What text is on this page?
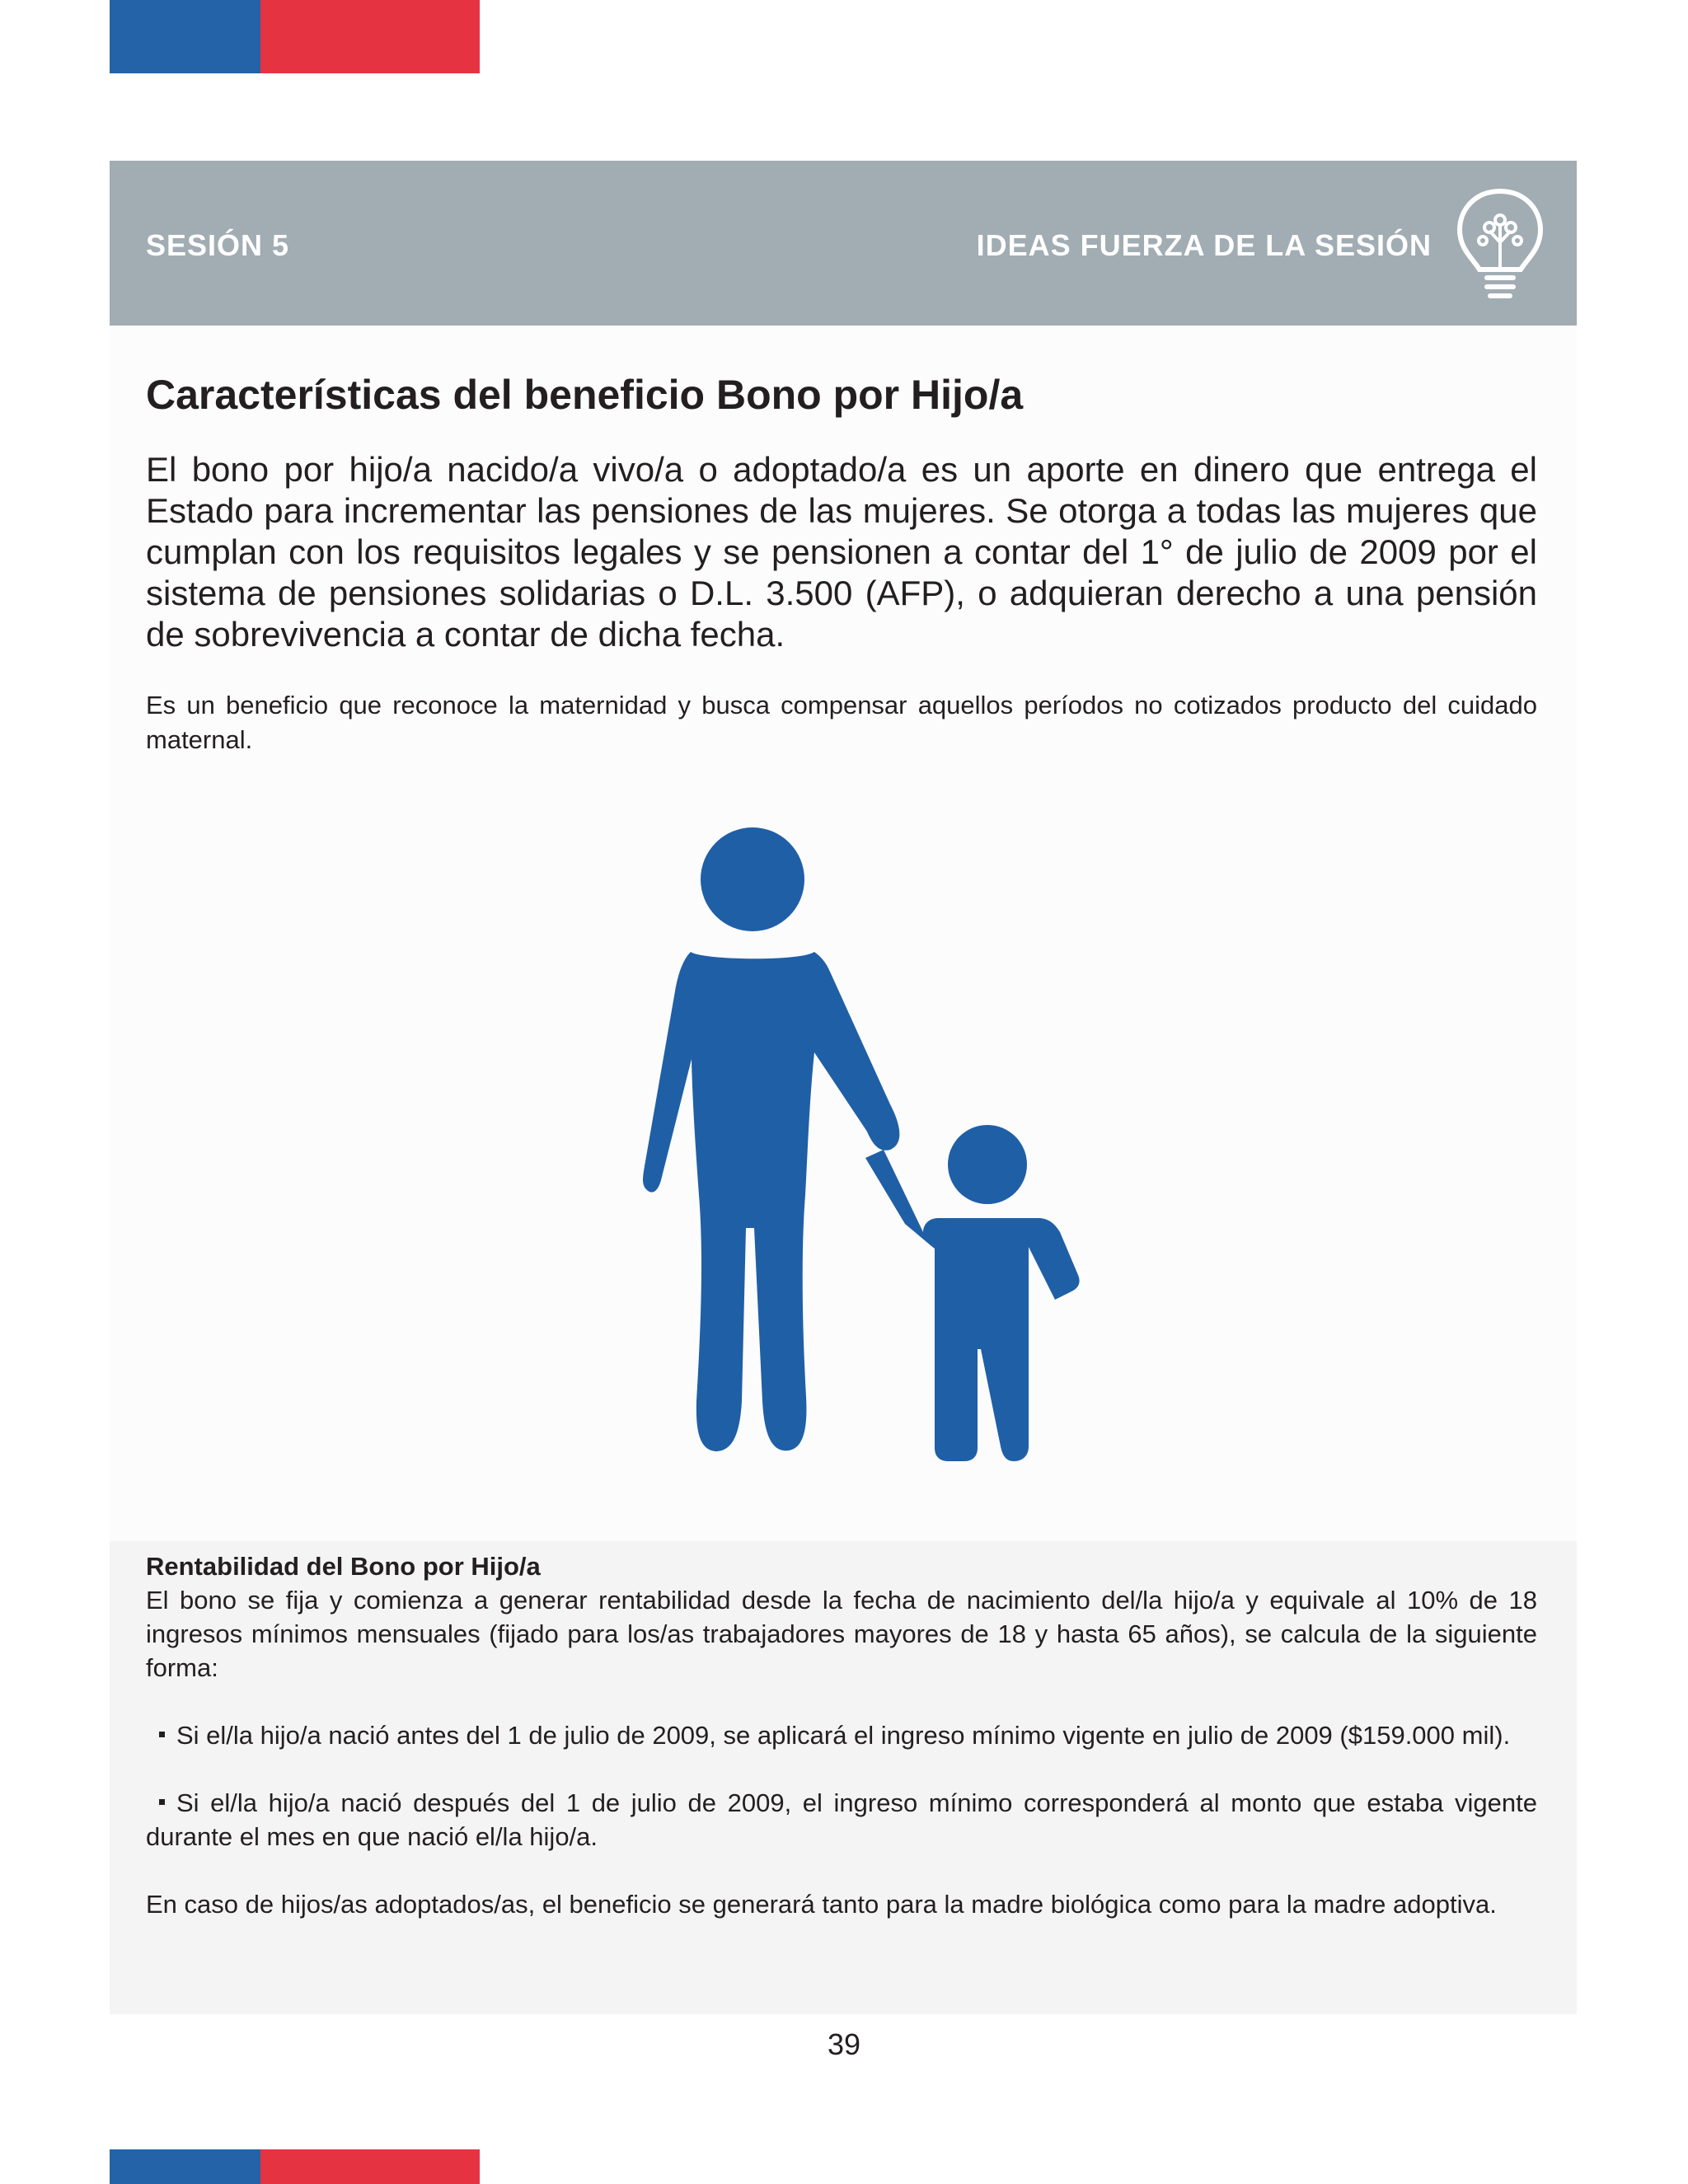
SESIÓN 5	IDEAS FUERZA DE LA SESIÓN
Características del beneficio Bono por Hijo/a
El bono por hijo/a nacido/a vivo/a o adoptado/a es un aporte en dinero que entrega el Estado para incrementar las pensiones de las mujeres. Se otorga a todas las mujeres que cumplan con los requisitos legales y se pensionen a contar del 1° de julio de 2009 por el sistema de pensiones solidarias o D.L. 3.500 (AFP), o adquieran derecho a una pensión de sobrevivencia a contar de dicha fecha.
Es un beneficio que reconoce la maternidad y busca compensar aquellos períodos no cotizados producto del cuidado maternal.
Rentabilidad del Bono por Hijo/a
El bono se fija y comienza a generar rentabilidad desde la fecha de nacimiento del/la hijo/a y equivale al 10% de 18 ingresos mínimos mensuales (fijado para los/as trabajadores mayores de 18 y hasta 65 años), se calcula de la siguiente forma:
Si el/la hijo/a nació antes del 1 de julio de 2009, se aplicará el ingreso mínimo vigente en julio de 2009 ($159.000 mil).
Si el/la hijo/a nació después del 1 de julio de 2009, el ingreso mínimo corresponderá al monto que estaba vigente durante el mes en que nació el/la hijo/a.
En caso de hijos/as adoptados/as, el beneficio se generará tanto para la madre biológica como para la madre adoptiva.
39
